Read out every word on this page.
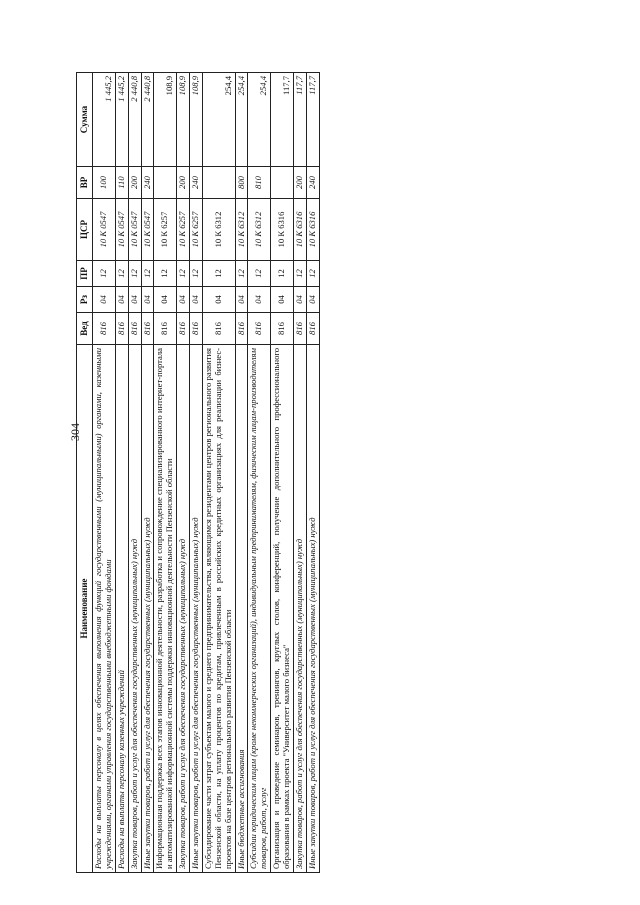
304
Наименование	Вед	Рз	ПР	ЦСР	ВР	Сумма
Расходы на выплаты персоналу в целях обеспечения выполнения функций государственными (муниципальными) органами, казенными учреждениями, органами управления государственными внебюджетными фондами	816	04	12	10 К 0547	100	1 445,2
Расходы на выплаты персоналу казенных учреждений	816	04	12	10 К 0547	110	1 445,2
Закупка товаров, работ и услуг для обеспечения государственных (муниципальных) нужд	816	04	12	10 К 0547	200	2 440,8
Иные закупки товаров, работ и услуг для обеспечения государственных (муниципальных) нужд	816	04	12	10 К 0547	240	2 440,8
Информационная поддержка всех этапов инновационной деятельности, разработка и сопровождение специализированного интернет-портала и автоматизированной информационной системы поддержки инновационной деятельности Пензенской области	816	04	12	10 К 6257		108,9
Закупка товаров, работ и услуг для обеспечения государственных (муниципальных) нужд	816	04	12	10 К 6257	200	108,9
Иные закупки товаров, работ и услуг для обеспечения государственных (муниципальных) нужд	816	04	12	10 К 6257	240	108,9
Субсидирование части затрат субъектам малого и среднего предпринимательства, являющимся резидентами центров регионального развития Пензенской области, на уплату процентов по кредитам, привлеченным в российских кредитных организациях для реализации бизнес-проектов на базе центров регионального развития Пензенской области	816	04	12	10 К 6312		254,4
Иные бюджетные ассигнования	816	04	12	10 К 6312	800	254,4
Субсидии юридическим лицам (кроме некоммерческих организаций), индивидуальным предпринимателям, физическим лицам-производителям товаров, работ, услуг	816	04	12	10 К 6312	810	254,4
Организация и проведение семинаров, тренингов, круглых столов, конференций, получение дополнительного профессионального образования в рамках проекта "Университет малого бизнеса"	816	04	12	10 К 6316		117,7
Закупка товаров, работ и услуг для обеспечения государственных (муниципальных) нужд	816	04	12	10 К 6316	200	117,7
Иные закупки товаров, работ и услуг для обеспечения государственных (муниципальных) нужд	816	04	12	10 К 6316	240	117,7
